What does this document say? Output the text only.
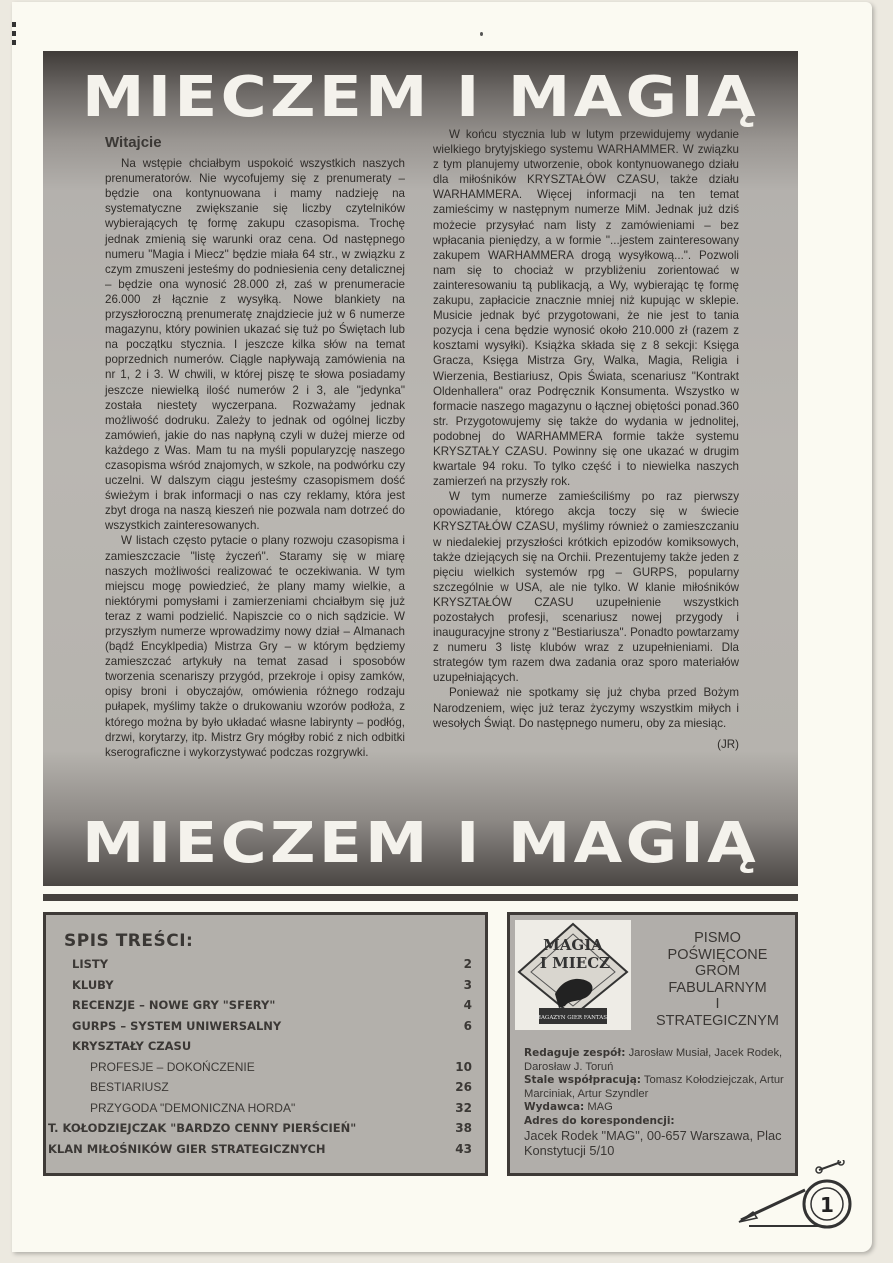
MIECZEM I MAGIĄ
Witajcie

Na wstępie chciałbym uspokoić wszystkich naszych prenumeratorów. Nie wycofujemy się z prenumeraty – będzie ona kontynuowana i mamy nadzieję na systematyczne zwiększanie się liczby czytelników wybierających tę formę zakupu czasopisma. Trochę jednak zmienią się warunki oraz cena. Od następnego numeru "Magia i Miecz" będzie miała 64 str., w związku z czym zmuszeni jesteśmy do podniesienia ceny detalicznej – będzie ona wynosić 28.000 zł, zaś w prenumeracie 26.000 zł łącznie z wysyłką. Nowe blankiety na przyszłoroczną prenumeratę znajdziecie już w 6 numerze magazynu, który powinien ukazać się tuż po Świętach lub na początku stycznia. I jeszcze kilka słów na temat poprzednich numerów. Ciągle napływają zamówienia na nr 1, 2 i 3. W chwili, w której piszę te słowa posiadamy jeszcze niewielką ilość numerów 2 i 3, ale "jedynka" została niestety wyczerpana. Rozważamy jednak możliwość dodruku. Zależy to jednak od ogólnej liczby zamówień, jakie do nas napłyną czyli w dużej mierze od każdego z Was. Mam tu na myśli popularyzcję naszego czasopisma wśród znajomych, w szkole, na podwórku czy uczelni. W dalszym ciągu jesteśmy czasopismem dość świeżym i brak informacji o nas czy reklamy, która jest zbyt droga na naszą kieszeń nie pozwala nam dotrzeć do wszystkich zainteresowanych.

W listach często pytacie o plany rozwoju czasopisma i zamieszczacie "listę życzeń". Staramy się w miarę naszych możliwości realizować te oczekiwania. W tym miejscu mogę powiedzieć, że plany mamy wielkie, a niektórymi pomysłami i zamierzeniami chciałbym się już teraz z wami podzielić. Napiszcie co o nich sądzicie. W przyszłym numerze wprowadzimy nowy dział – Almanach (bądź Encyklpedia) Mistrza Gry – w którym będziemy zamieszczać artykuły na temat zasad i sposobów tworzenia scenariszy przygód, przekroje i opisy zamków, opisy broni i obyczajów, omówienia różnego rodzaju pułapek, myślimy także o drukowaniu wzorów podłoża, z którego można by było układać własne labirynty – podłóg, drzwi, korytarzy, itp. Mistrz Gry mógłby robić z nich odbitki kserograficzne i wykorzystywać podczas rozgrywki.

W końcu stycznia lub w lutym przewidujemy wydanie wielkiego brytyjskiego systemu WARHAMMER. W związku z tym planujemy utworzenie, obok kontynuowanego działu dla miłośników KRYSZTAŁÓW CZASU, także działu WARHAMMERA. Więcej informacji na ten temat zamieścimy w następnym numerze MiM. Jednak już dziś możecie przysyłać nam listy z zamówieniami – bez wpłacania pieniędzy, a w formie "...jestem zainteresowany zakupem WARHAMMERA drogą wysyłkową...". Pozwoli nam się to chociaż w przybliżeniu zorientować w zainteresowaniu tą publikacją, a Wy, wybierając tę formę zakupu, zapłacicie znacznie mniej niż kupując w sklepie. Musicie jednak być przygotowani, że nie jest to tania pozycja i cena będzie wynosić około 210.000 zł (razem z kosztami wysyłki). Książka składa się z 8 sekcji: Księga Gracza, Księga Mistrza Gry, Walka, Magia, Religia i Wierzenia, Bestiariusz, Opis Świata, scenariusz "Kontrakt Oldenhallera" oraz Podręcznik Konsumenta. Wszystko w formacie naszego magazynu o łącznej obiętości ponad.360 str. Przygotowujemy się także do wydania w jednolitej, podobnej do WARHAMMERA formie także systemu KRYSZTAŁY CZASU. Powinny się one ukazać w drugim kwartale 94 roku. To tylko część i to niewielka naszych zamierzeń na przyszły rok.

W tym numerze zamieściliśmy po raz pierwszy opowiadanie, którego akcja toczy się w świecie KRYSZTAŁÓW CZASU, myślimy również o zamieszczaniu w niedalekiej przyszłości krótkich epizodów komiksowych, także dziejących się na Orchii. Prezentujemy także jeden z pięciu wielkich systemów rpg – GURPS, popularny szczególnie w USA, ale nie tylko. W klanie miłośników KRYSZTAŁÓW CZASU uzupełnienie wszystkich pozostałych profesji, scenariusz nowej przygody i inauguracyjne strony z "Bestiariusza". Ponadto powtarzamy z numeru 3 listę klubów wraz z uzupełnieniami. Dla strategów tym razem dwa zadania oraz sporo materiałów uzupełniających.

Ponieważ nie spotkamy się już chyba przed Bożym Narodzeniem, więc już teraz życzymy wszystkim miłych i wesołych Świąt. Do następnego numeru, oby za miesiąc.

(JR)
MIECZEM I MAGIĄ
SPIS TREŚCI:
LISTY	2
KLUBY	3
RECENZJE – NOWE GRY "SFERY"	4
GURPS – SYSTEM UNIWERSALNY	6
KRYSZTAŁY CZASU
PROFESJE – DOKOŃCZENIE	10
BESTIARIUSZ	26
PRZYGODA "DEMONICZNA HORDA"	32
T. KOŁODZIEJCZAK "BARDZO CENNY PIERŚCIEŃ"	38
KLAN MIŁOŚNIKÓW GIER STRATEGICZNYCH	43
MAGIA
I MIECZ
MAGAZYN GIER FANTASY
PISMO
POŚWIĘCONE
GROM
FABULARNYM
I
STRATEGICZNYM
Redaguje zespół: Jarosław Musiał, Jacek Rodek, Darosław J. Toruń
Stale współpracują: Tomasz Kołodziejczak, Artur Marciniak, Artur Szyndler
Wydawca: MAG
Adres do korespondencji:
Jacek Rodek "MAG", 00-657 Warszawa, Plac Konstytucji 5/10
1
